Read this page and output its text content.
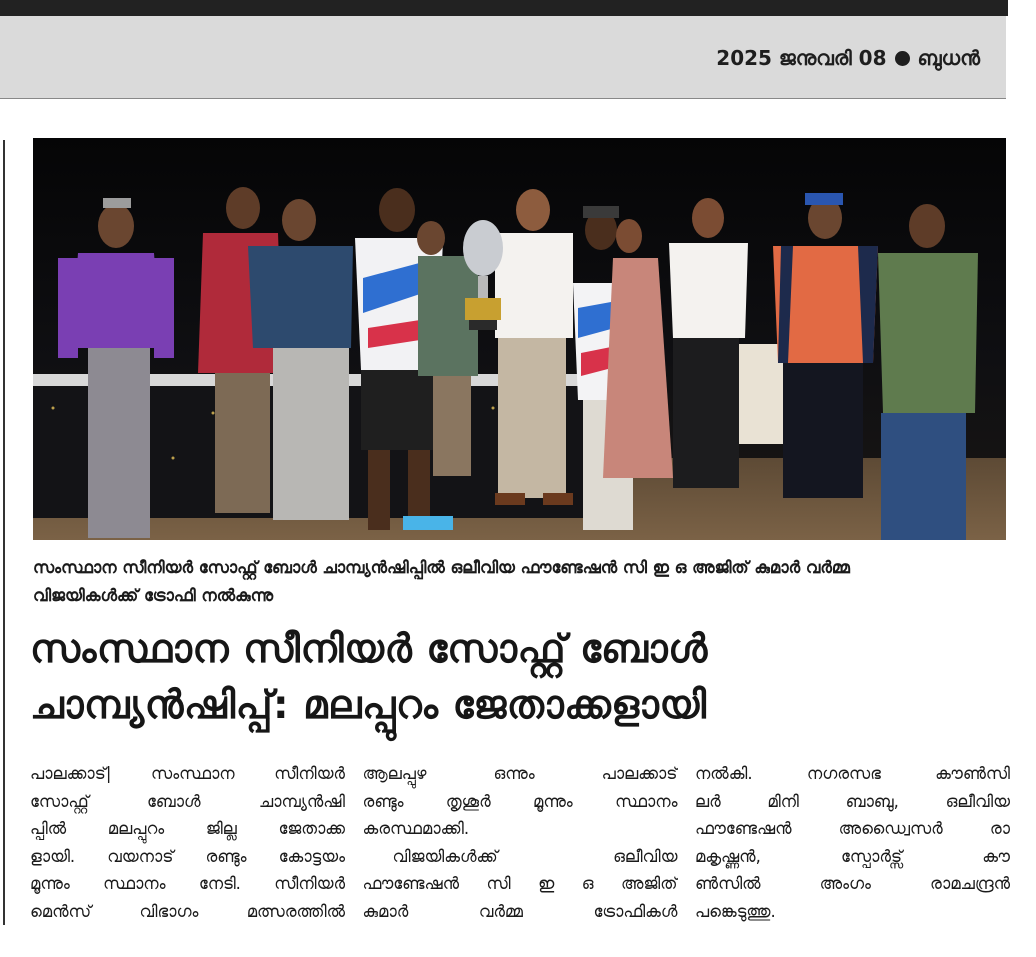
2025 ജനുവരി 08 ബുധൻ
സംസ്ഥാന സീനിയർ സോഫ്റ്റ് ബോൾ ചാമ്പ്യൻഷിപ്പിൽ ഒലീവിയ ഫൗണ്ടേഷൻ സി ഇ ഒ അജിത് കുമാർ വർമ്മ
വിജയികൾക്ക് ട്രോഫി നൽകുന്നു
സംസ്ഥാന സീനിയർ സോഫ്റ്റ് ബോൾ
ചാമ്പ്യൻഷിപ്പ്: മലപ്പുറം ജേതാക്കളായി

പാലക്കാട്| സംസ്ഥാന സീനിയർ

സോഫ്റ്റ് ബോൾ ചാമ്പ്യൻഷി

പ്പിൽ മലപ്പുറം ജില്ല ജേതാക്ക

ളായി. വയനാട് രണ്ടും കോട്ടയം

മൂന്നും സ്ഥാനം നേടി. സീനിയർ

മെൻസ് വിഭാഗം മത്സരത്തിൽ

ആലപ്പുഴ ഒന്നും പാലക്കാട്

രണ്ടും തൃശൂർ മൂന്നും സ്ഥാനം

കരസ്ഥമാക്കി.

വിജയികൾക്ക് ഒലീവിയ

ഫൗണ്ടേഷൻ സി ഇ ഒ അജിത്

കുമാർ വർമ്മ ട്രോഫികൾ

നൽകി. നഗരസഭ കൗൺസി

ലർ മിനി ബാബു, ഒലീവിയ

ഫൗണ്ടേഷൻ അഡ്വൈസർ രാ

മകൃഷ്ണൻ, സ്പോർട്സ് കൗ

ൺസിൽ അംഗം രാമചന്ദ്രൻ

പങ്കെടുത്തു.
